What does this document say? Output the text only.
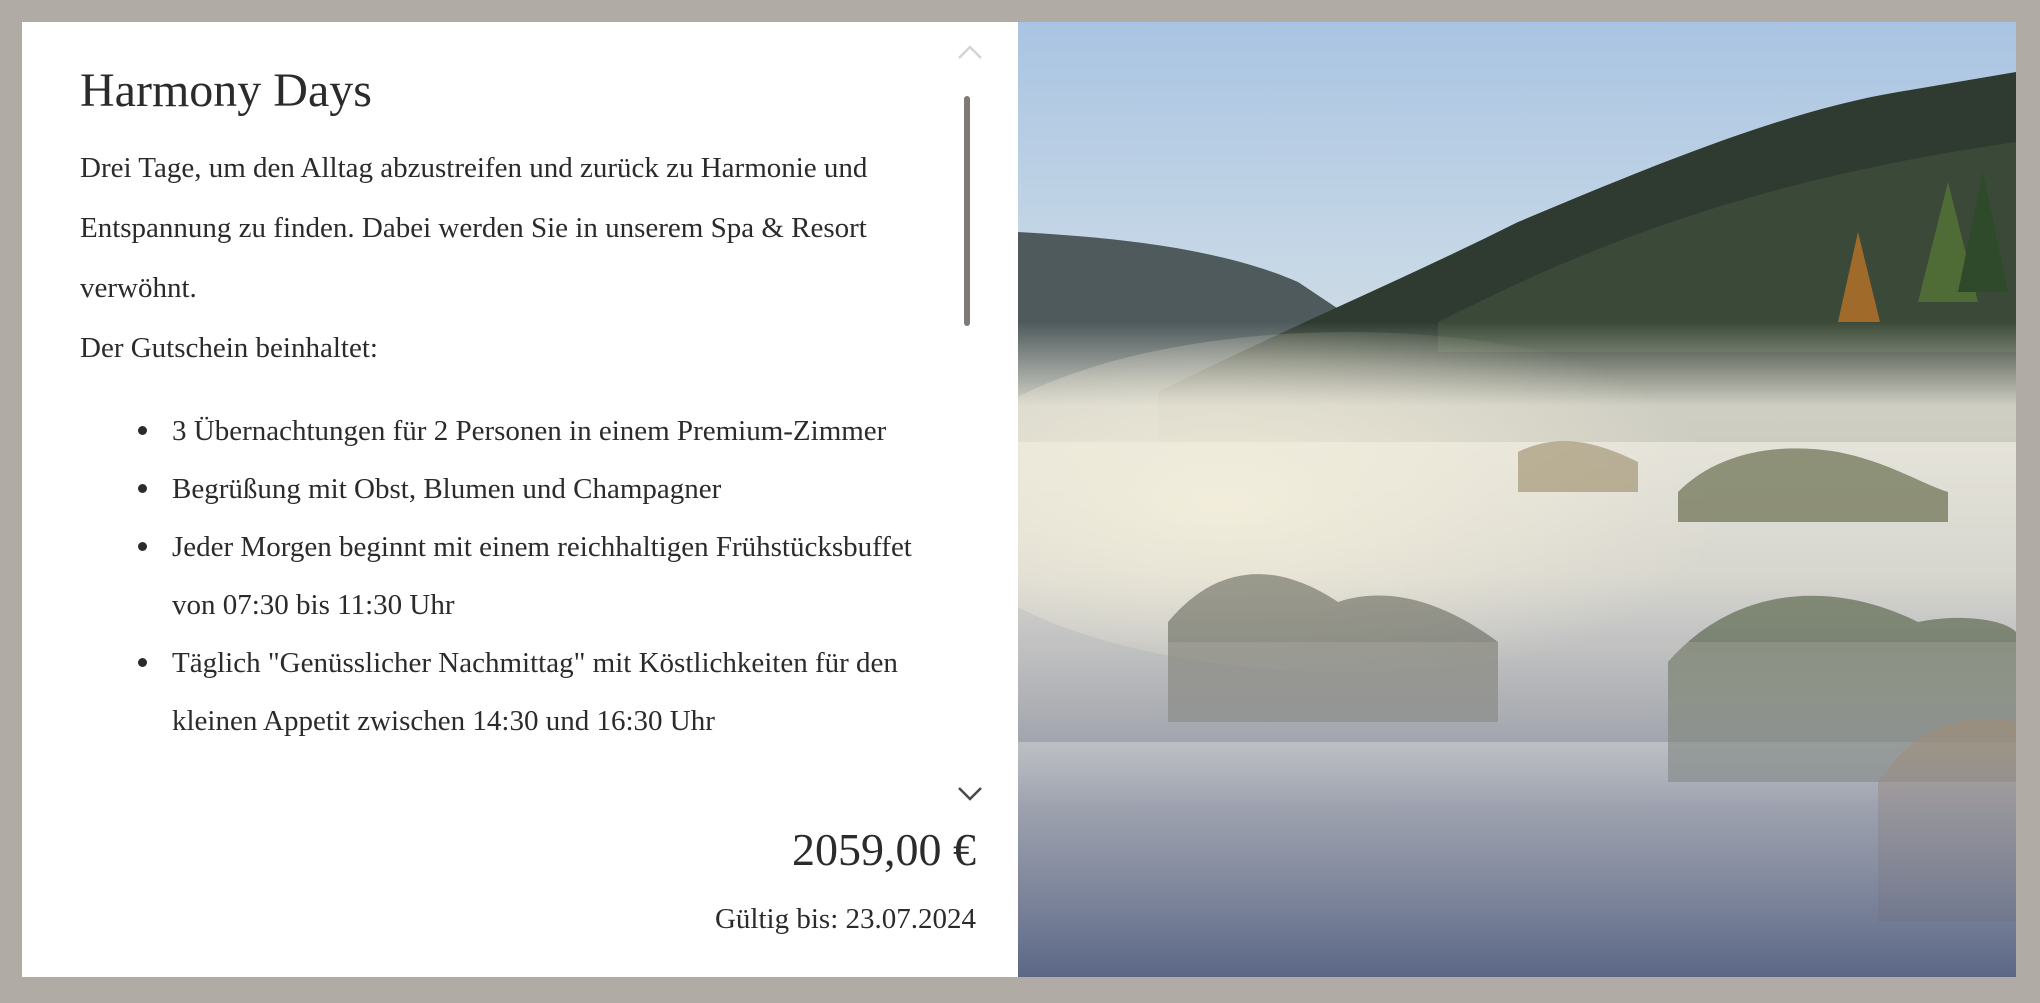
Harmony Days

Drei Tage, um den Alltag abzustreifen und zurück zu Harmonie und Entspannung zu finden. Dabei werden Sie in unserem Spa & Resort verwöhnt.

Der Gutschein beinhaltet:

3 Übernachtungen für 2 Personen in einem Premium-Zimmer
Begrüßung mit Obst, Blumen und Champagner
Jeder Morgen beginnt mit einem reichhaltigen Frühstücksbuffet von 07:30 bis 11:30 Uhr
Täglich "Genüsslicher Nachmittag" mit Köstlichkeiten für den kleinen Appetit zwischen 14:30 und 16:30 Uhr
2059,00 €
Gültig bis: 23.07.2024
